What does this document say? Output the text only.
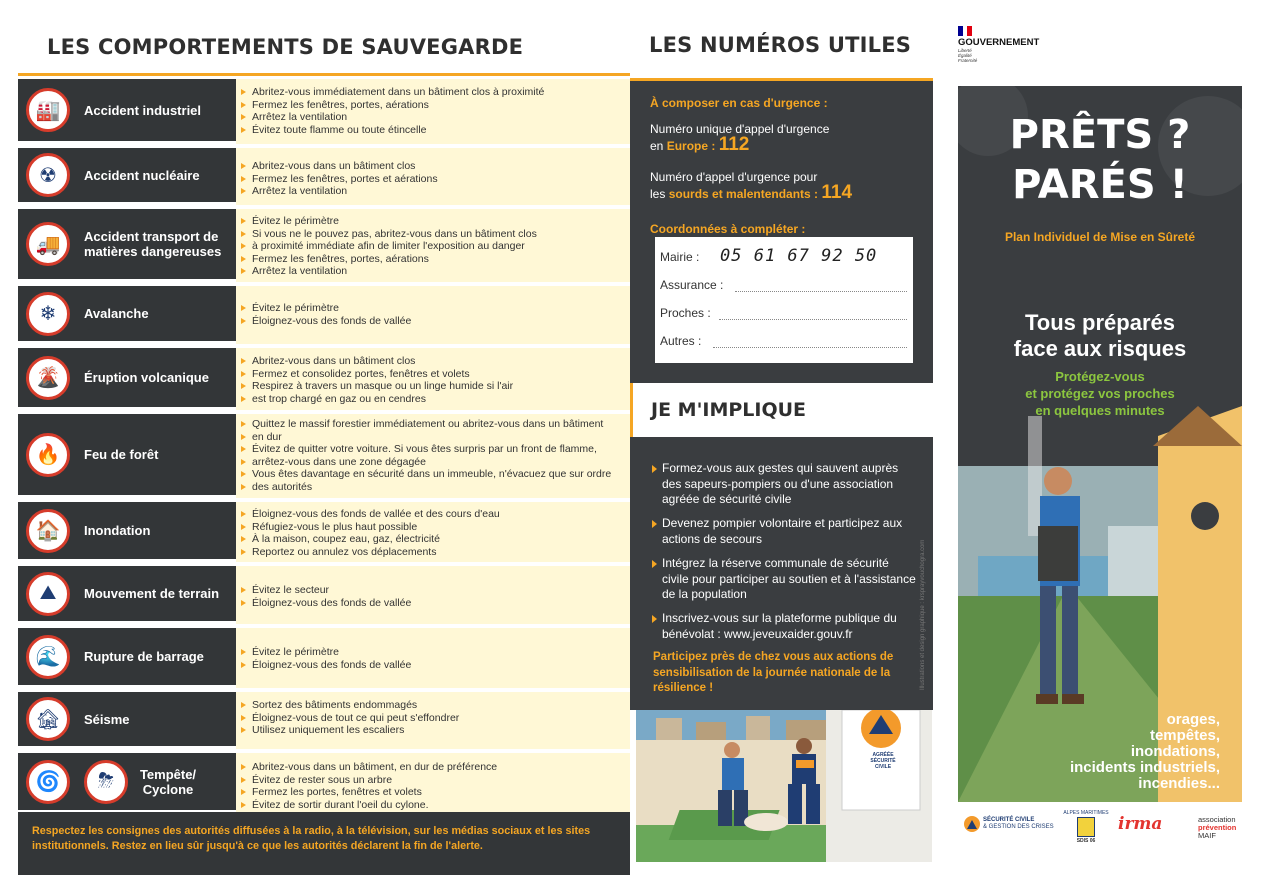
LES COMPORTEMENTS DE SAUVEGARDE	LES NUMÉROS UTILES	GOUVERNEMENT
Liberté
Égalité
Fraternité
🏭	Accident industriel
Abritez-vous immédiatement dans un bâtiment clos à proximité
Fermez les fenêtres, portes, aérations
Arrêtez la ventilation
Évitez toute flamme ou toute étincelle
☢	Accident nucléaire
Abritez-vous dans un bâtiment clos
Fermez les fenêtres, portes et aérations
Arrêtez la ventilation
🚚	Accident transport de matières dangereuses
Évitez le périmètre
Si vous ne le pouvez pas, abritez-vous dans un bâtiment clos
à proximité immédiate afin de limiter l'exposition au danger
Fermez les fenêtres, portes, aérations
Arrêtez la ventilation
❄	Avalanche	Évitez le périmètre
Éloignez-vous des fonds de vallée
🌋	Éruption volcanique
Abritez-vous dans un bâtiment clos
Fermez et consolidez portes, fenêtres et volets
Respirez à travers un masque ou un linge humide si l'air
est trop chargé en gaz ou en cendres
🔥	Feu de forêt
Quittez le massif forestier immédiatement ou abritez-vous dans un bâtiment
en dur
Évitez de quitter votre voiture. Si vous êtes surpris par un front de flamme,
arrêtez-vous dans une zone dégagée
Vous êtes davantage en sécurité dans un immeuble, n'évacuez que sur ordre
des autorités
🏠	Inondation
Éloignez-vous des fonds de vallée et des cours d'eau
Réfugiez-vous le plus haut possible
À la maison, coupez eau, gaz, électricité
Reportez ou annulez vos déplacements
⛰	Mouvement de terrain	Évitez le secteur
Éloignez-vous des fonds de vallée
🌊	Rupture de barrage	Évitez le périmètre
Éloignez-vous des fonds de vallée
🏚	Séisme
Sortez des bâtiments endommagés
Éloignez-vous de tout ce qui peut s'effondrer
Utilisez uniquement les escaliers
🌀	⛈	Tempête/ Cyclone
Abritez-vous dans un bâtiment, en dur de préférence
Évitez de rester sous un arbre
Fermez les portes, fenêtres et volets
Évitez de sortir durant l'oeil du cylone.
Respectez les consignes des autorités diffusées à la radio, à la télévision, sur les médias sociaux et les sites institutionnels. Restez en lieu sûr jusqu'à ce que les autorités déclarent la fin de l'alerte.
À composer en cas d'urgence :
Numéro unique d'appel d'urgence
en Europe : 112
Numéro d'appel d'urgence pour
les sourds et malentendants : 114
Coordonnées à compléter :
Mairie : 05 61 67 92 50
Assurance :
Proches :
Autres :
JE M'IMPLIQUE
Formez-vous aux gestes qui sauvent auprès des sapeurs-pompiers ou d'une association agréée de sécurité civile
Devenez pompier volontaire et participez aux actions de secours
Intégrez la réserve communale de sécurité civile pour participer au soutien et à l'assistance de la population
Inscrivez-vous sur la plateforme publique du bénévolat : www.jeveuxaider.gouv.fr
Participez près de chez vous aux actions de sensibilisation de la journée nationale de la résilience !	Illustrations et design graphique : krsprayvouchogra.com
AGRÉÉE SÉCURITÉ CIVILE
PRÊTS ?
PARÉS !
Plan Individuel de Mise en Sûreté
Tous préparés
face aux risques
Protégez-vous
et protégez vos proches
en quelques minutes
orages,
tempêtes,
inondations,
incidents industriels,
incendies...
SÉCURITÉ CIVILE
& GESTION DES CRISES
ALPES MARITIMES
SDIS 06
irma	association
prévention
MAIF
